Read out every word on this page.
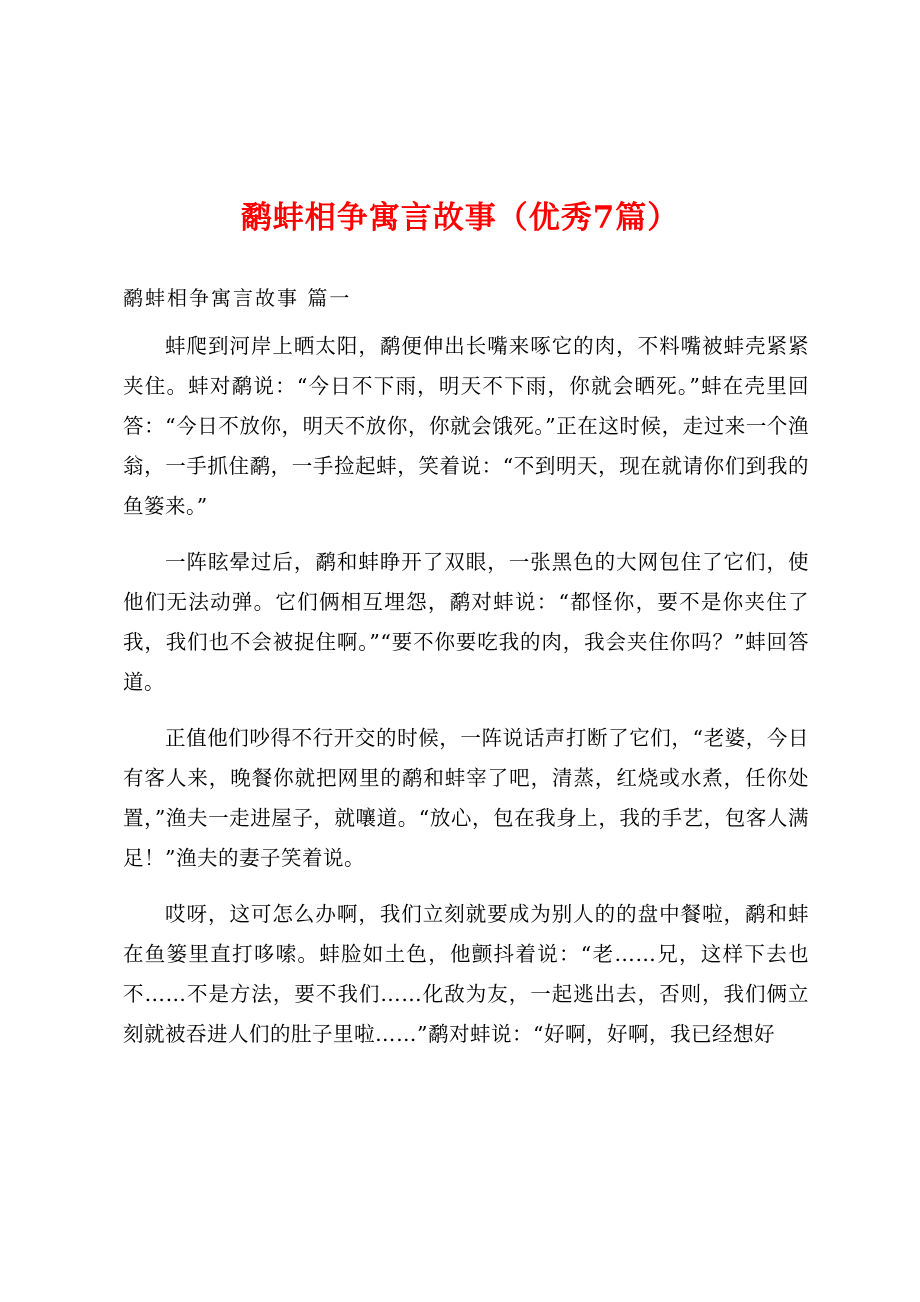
鹬蚌相争寓言故事（优秀7篇）
鹬蚌相争寓言故事 篇一

蚌爬到河岸上晒太阳，鹬便伸出长嘴来啄它的肉，不料嘴被蚌壳紧紧夹住。蚌对鹬说：“今日不下雨，明天不下雨，你就会晒死。”蚌在壳里回答：“今日不放你，明天不放你，你就会饿死。”正在这时候，走过来一个渔翁，一手抓住鹬，一手捡起蚌，笑着说：“不到明天，现在就请你们到我的鱼篓来。”

一阵眩晕过后，鹬和蚌睁开了双眼，一张黑色的大网包住了它们，使他们无法动弹。它们俩相互埋怨，鹬对蚌说：“都怪你，要不是你夹住了我，我们也不会被捉住啊。”“要不你要吃我的肉，我会夹住你吗？”蚌回答道。

正值他们吵得不行开交的时候，一阵说话声打断了它们，“老婆，今日有客人来，晚餐你就把网里的鹬和蚌宰了吧，清蒸，红烧或水煮，任你处置，”渔夫一走进屋子，就嚷道。“放心，包在我身上，我的手艺，包客人满足！”渔夫的妻子笑着说。

哎呀，这可怎么办啊，我们立刻就要成为别人的的盘中餐啦，鹬和蚌在鱼篓里直打哆嗦。蚌脸如土色，他颤抖着说：“老……兄，这样下去也不……不是方法，要不我们……化敌为友，一起逃出去，否则，我们俩立刻就被吞进人们的肚子里啦……”鹬对蚌说：“好啊，好啊，我已经想好
